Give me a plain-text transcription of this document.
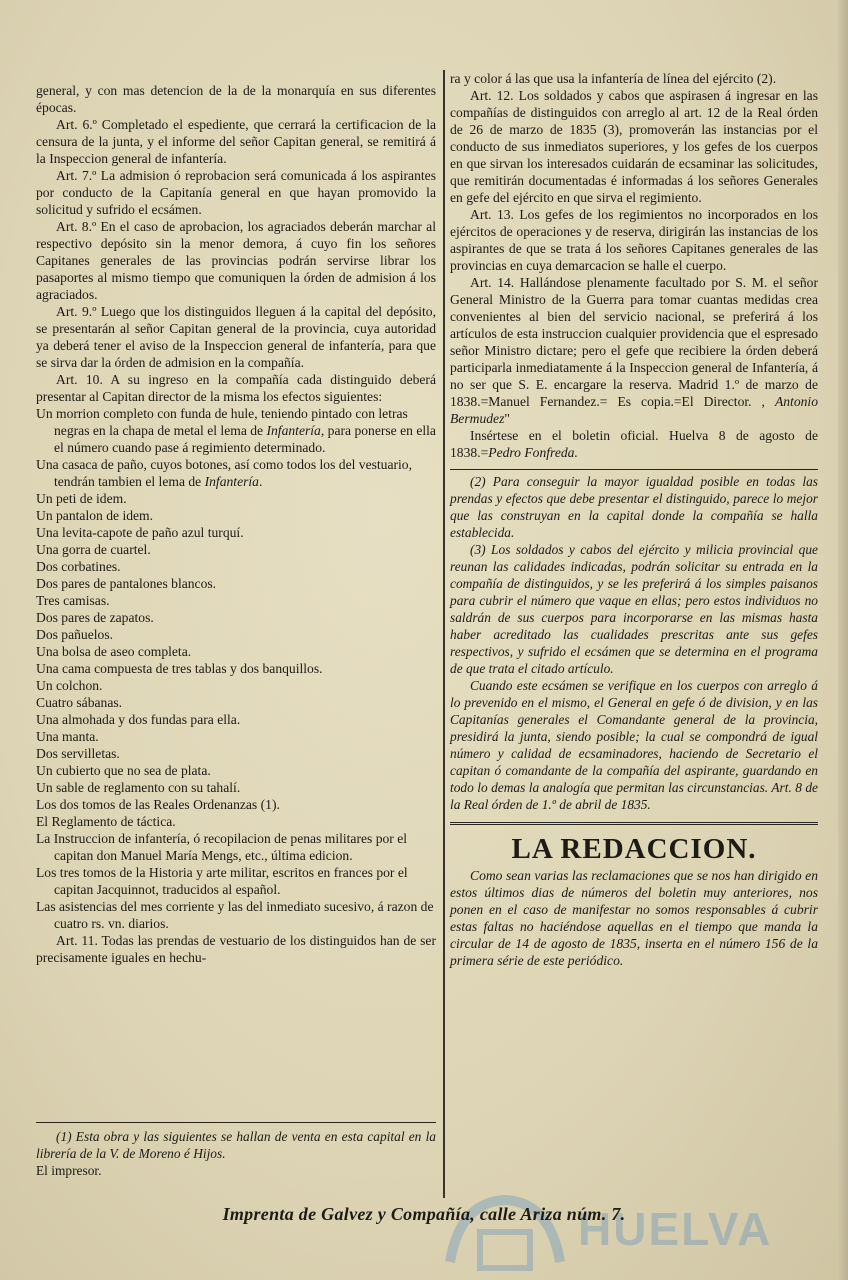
general, y con mas detencion de la de la monarquía en sus diferentes épocas.

Art. 6.º Completado el espediente, que cerrará la certificacion de la censura de la junta, y el informe del señor Capitan general, se remitirá á la Inspeccion general de infantería.

Art. 7.º La admision ó reprobacion será comunicada á los aspirantes por conducto de la Capitanía general en que hayan promovido la solicitud y sufrido el ecsámen.

Art. 8.º En el caso de aprobacion, los agraciados deberán marchar al respectivo depósito sin la menor demora, á cuyo fin los señores Capitanes generales de las provincias podrán servirse librar los pasaportes al mismo tiempo que comuniquen la órden de admision á los agraciados.

Art. 9.º Luego que los distinguidos lleguen á la capital del depósito, se presentarán al señor Capitan general de la provincia, cuya autoridad ya deberá tener el aviso de la Inspeccion general de infantería, para que se sirva dar la órden de admision en la compañía.

Art. 10. A su ingreso en la compañía cada distinguido deberá presentar al Capitan director de la misma los efectos siguientes:

Un morrion completo con funda de hule, teniendo pintado con letras negras en la chapa de metal el lema de Infantería, para ponerse en ella el número cuando pase á regimiento determinado.

Una casaca de paño, cuyos botones, así como todos los del vestuario, tendrán tambien el lema de Infantería.

Un peti de idem.

Un pantalon de idem.

Una levita-capote de paño azul turquí.

Una gorra de cuartel.

Dos corbatines.

Dos pares de pantalones blancos.

Tres camisas.

Dos pares de zapatos.

Dos pañuelos.

Una bolsa de aseo completa.

Una cama compuesta de tres tablas y dos banquillos.

Un colchon.

Cuatro sábanas.

Una almohada y dos fundas para ella.

Una manta.

Dos servilletas.

Un cubierto que no sea de plata.

Un sable de reglamento con su tahalí.

Los dos tomos de las Reales Ordenanzas (1).

El Reglamento de táctica.

La Instruccion de infantería, ó recopilacion de penas militares por el capitan don Manuel María Mengs, etc., última edicion.

Los tres tomos de la Historia y arte militar, escritos en frances por el capitan Jacquinnot, traducidos al español.

Las asistencias del mes corriente y las del inmediato sucesivo, á razon de cuatro rs. vn. diarios.

Art. 11. Todas las prendas de vestuario de los distinguidos han de ser precisamente iguales en hechu-

(1) Esta obra y las siguientes se hallan de venta en esta capital en la librería de la V. de Moreno é Hijos.

El impresor.

ra y color á las que usa la infantería de línea del ejército (2).

Art. 12. Los soldados y cabos que aspirasen á ingresar en las compañías de distinguidos con arreglo al art. 12 de la Real órden de 26 de marzo de 1835 (3), promoverán las instancias por el conducto de sus inmediatos superiores, y los gefes de los cuerpos en que sirvan los interesados cuidarán de ecsaminar las solicitudes, que remitirán documentadas é informadas á los señores Generales en gefe del ejército en que sirva el regimiento.

Art. 13. Los gefes de los regimientos no incorporados en los ejércitos de operaciones y de reserva, dirigirán las instancias de los aspirantes de que se trata á los señores Capitanes generales de las provincias en cuya demarcacion se halle el cuerpo.

Art. 14. Hallándose plenamente facultado por S. M. el señor General Ministro de la Guerra para tomar cuantas medidas crea convenientes al bien del servicio nacional, se preferirá á los artículos de esta instruccion cualquier providencia que el espresado señor Ministro dictare; pero el gefe que recibiere la órden deberá participarla inmediatamente á la Inspeccion general de Infantería, á no ser que S. E. encargare la reserva. Madrid 1.º de marzo de 1838.=Manuel Fernandez.= Es copia.=El Director. , Antonio Bermudez"

Insértese en el boletin oficial. Huelva 8 de agosto de 1838.=Pedro Fonfreda.

(2) Para conseguir la mayor igualdad posible en todas las prendas y efectos que debe presentar el distinguido, parece lo mejor que las construyan en la capital donde la compañía se halla establecida.

(3) Los soldados y cabos del ejército y milicia provincial que reunan las calidades indicadas, podrán solicitar su entrada en la compañía de distinguidos, y se les preferirá á los simples paisanos para cubrir el número que vaque en ellas; pero estos individuos no saldrán de sus cuerpos para incorporarse en las mismas hasta haber acreditado las cualidades prescritas ante sus gefes respectivos, y sufrido el ecsámen que se determina en el programa de que trata el citado artículo.

Cuando este ecsámen se verifique en los cuerpos con arreglo á lo prevenido en el mismo, el General en gefe ó de division, y en las Capitanías generales el Comandante general de la provincia, presidirá la junta, siendo posible; la cual se compondrá de igual número y calidad de ecsaminadores, haciendo de Secretario el capitan ó comandante de la compañía del aspirante, guardando en todo lo demas la analogía que permitan las circunstancias. Art. 8 de la Real órden de 1.º de abril de 1835.

LA REDACCION.

Como sean varias las reclamaciones que se nos han dirigido en estos últimos dias de números del boletin muy anteriores, nos ponen en el caso de manifestar no somos responsables á cubrir estas faltas no haciéndose aquellas en el tiempo que manda la circular de 14 de agosto de 1835, inserta en el número 156 de la primera série de este periódico.

HUELVA
Imprenta de Galvez y Compañía, calle Ariza núm. 7.
